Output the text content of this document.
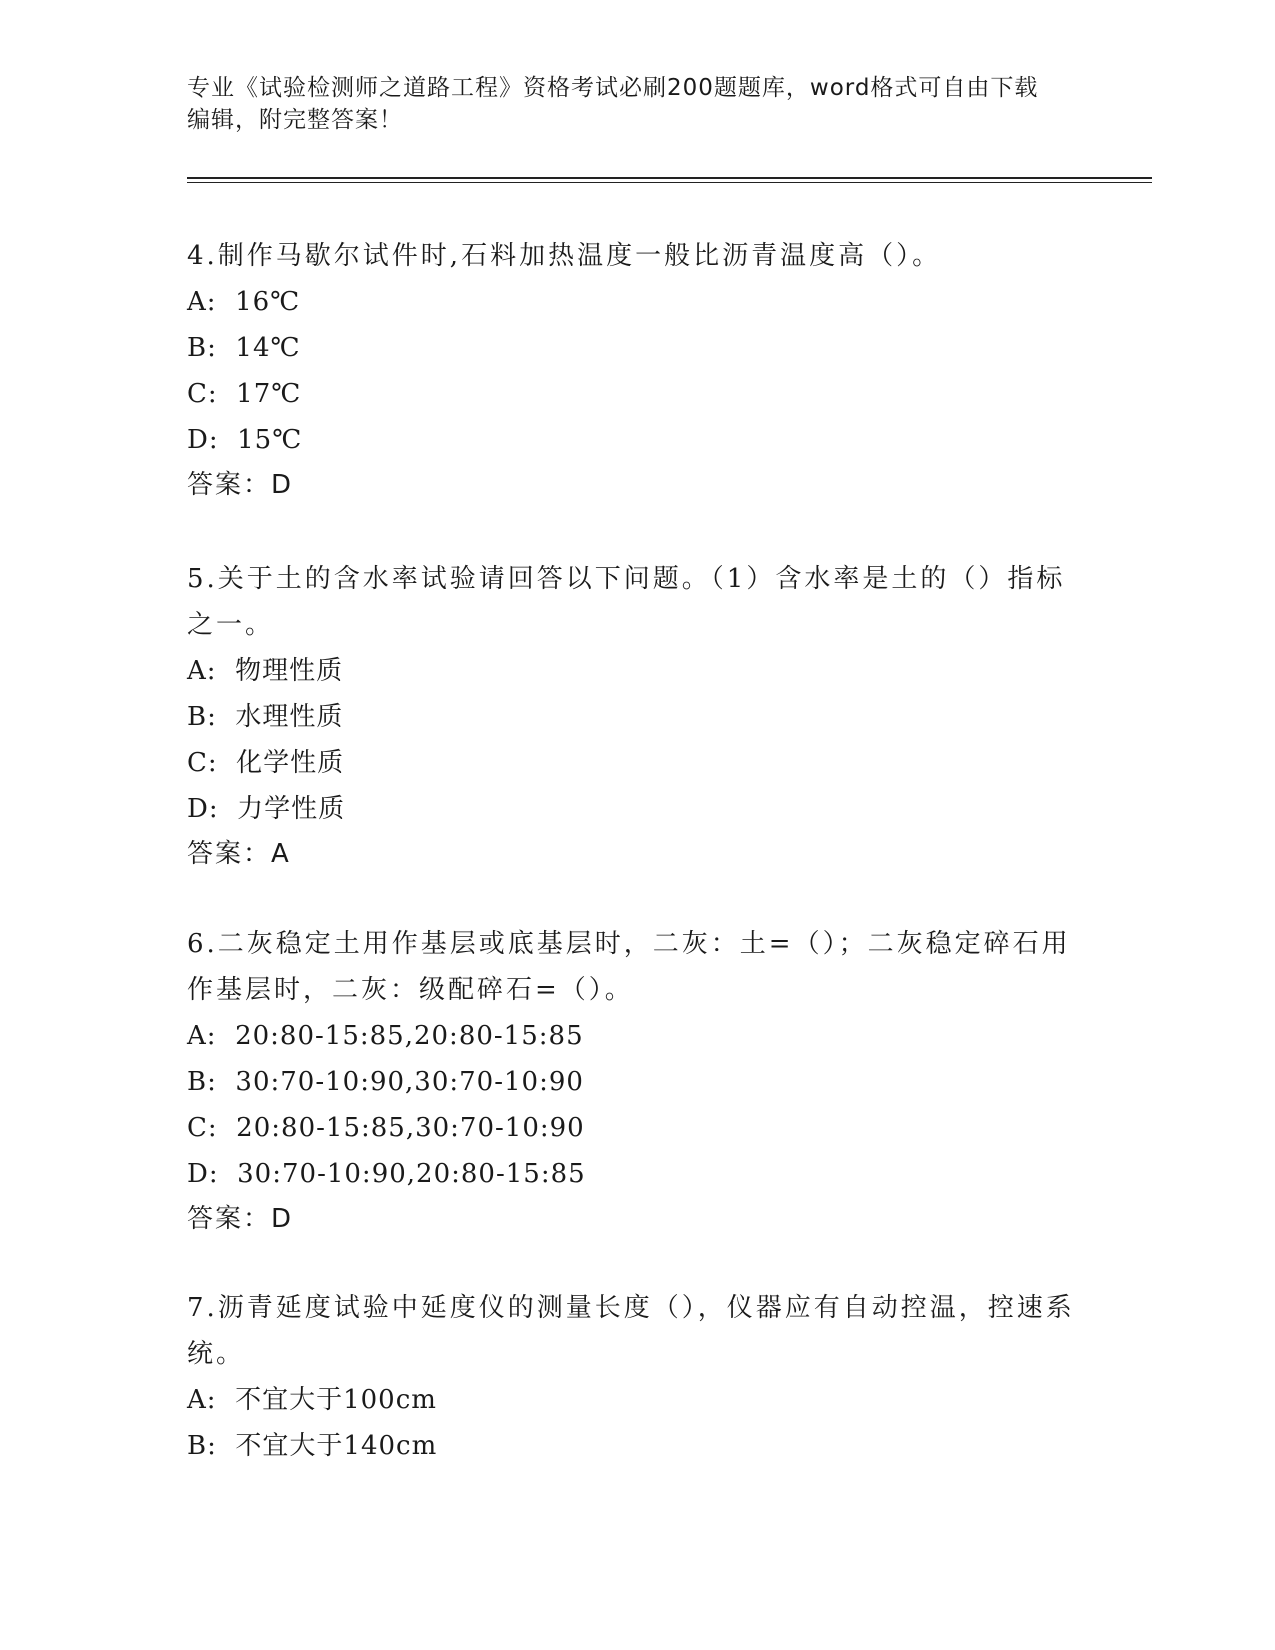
专业《试验检测师之道路工程》资格考试必刷200题题库，word格式可自由下载
编辑，附完整答案！

4.制作马歇尔试件时,石料加热温度一般比沥青温度高（）。

A:  16℃

B:  14℃

C:  17℃

D:  15℃

答案：D

5.关于土的含水率试验请回答以下问题。（1）含水率是土的（）指标之一。

A:  物理性质

B:  水理性质

C:  化学性质

D:  力学性质

答案：A

6.二灰稳定土用作基层或底基层时，二灰：土=（）；二灰稳定碎石用作基层时，二灰：级配碎石=（）。

A:  20:80-15:85,20:80-15:85

B:  30:70-10:90,30:70-10:90

C:  20:80-15:85,30:70-10:90

D:  30:70-10:90,20:80-15:85

答案：D

7.沥青延度试验中延度仪的测量长度（），仪器应有自动控温，控速系统。

A:  不宜大于100cm

B:  不宜大于140cm
